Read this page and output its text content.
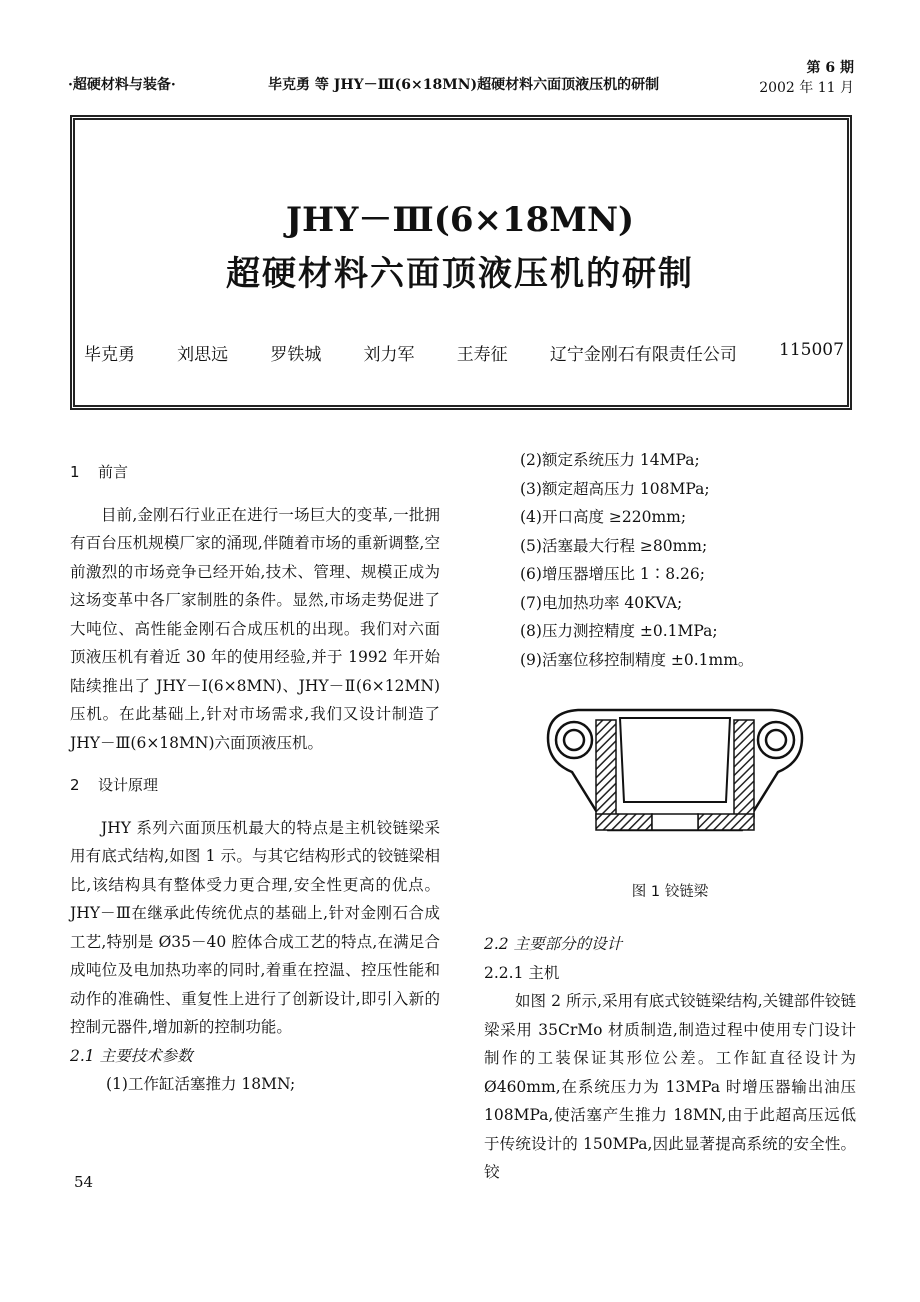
·超硬材料与装备·	毕克勇 等 JHY－Ⅲ(6×18MN)超硬材料六面顶液压机的研制
第 6 期
2002 年 11 月
JHY－Ⅲ(6×18MN)
超硬材料六面顶液压机的研制
毕克勇 刘思远 罗铁城 刘力军 王寿征 辽宁金刚石有限责任公司 115007

1 前言

目前,金刚石行业正在进行一场巨大的变革,一批拥有百台压机规模厂家的涌现,伴随着市场的重新调整,空前激烈的市场竞争已经开始,技术、管理、规模正成为这场变革中各厂家制胜的条件。显然,市场走势促进了大吨位、高性能金刚石合成压机的出现。我们对六面顶液压机有着近 30 年的使用经验,并于 1992 年开始陆续推出了 JHY－I(6×8MN)、JHY－Ⅱ(6×12MN)压机。在此基础上,针对市场需求,我们又设计制造了 JHY－Ⅲ(6×18MN)六面顶液压机。

2 设计原理

JHY 系列六面顶压机最大的特点是主机铰链梁采用有底式结构,如图 1 示。与其它结构形式的铰链梁相比,该结构具有整体受力更合理,安全性更高的优点。JHY－Ⅲ在继承此传统优点的基础上,针对金刚石合成工艺,特别是 Ø35－40 腔体合成工艺的特点,在满足合成吨位及电加热功率的同时,着重在控温、控压性能和动作的准确性、重复性上进行了创新设计,即引入新的控制元器件,增加新的控制功能。

2.1 主要技术参数

(1)工作缸活塞推力 18MN;

(2)额定系统压力 14MPa;

(3)额定超高压力 108MPa;

(4)开口高度 ≥220mm;

(5)活塞最大行程 ≥80mm;

(6)增压器增压比 1∶8.26;

(7)电加热功率 40KVA;

(8)压力测控精度 ±0.1MPa;

(9)活塞位移控制精度 ±0.1mm。

图 1 铰链梁

2.2 主要部分的设计

2.2.1 主机

如图 2 所示,采用有底式铰链梁结构,关键部件铰链梁采用 35CrMo 材质制造,制造过程中使用专门设计制作的工装保证其形位公差。工作缸直径设计为 Ø460mm,在系统压力为 13MPa 时增压器输出油压 108MPa,使活塞产生推力 18MN,由于此超高压远低于传统设计的 150MPa,因此显著提高系统的安全性。铰

54
